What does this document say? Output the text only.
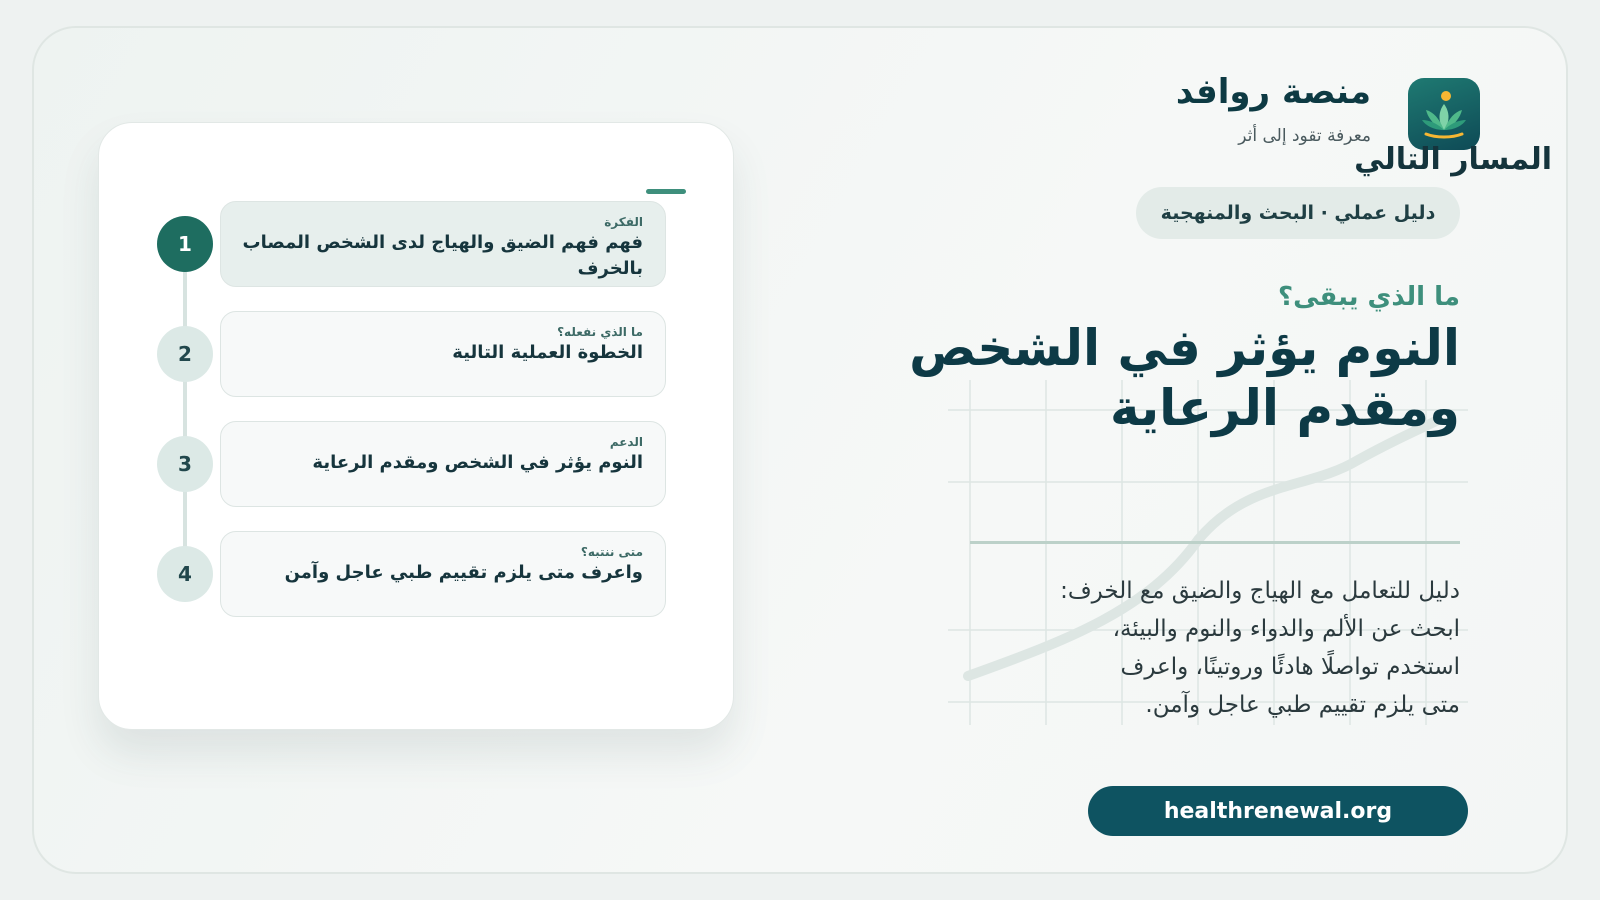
منصة روافد
معرفة تقود إلى أثر
دليل عملي · البحث والمنهجية
ما الذي يبقى؟
النوم يؤثر في الشخص ومقدم الرعاية
دليل للتعامل مع الهياج والضيق مع الخرف:
ابحث عن الألم والدواء والنوم والبيئة،
استخدم تواصلًا هادئًا وروتينًا، واعرف
متى يلزم تقييم طبي عاجل وآمن.
healthrenewal.org
المسار التالي
1
الفكرة
فهم فهم الضيق والهياج لدى الشخص المصاب بالخرف
2
ما الذي نفعله؟
الخطوة العملية التالية
3
الدعم
النوم يؤثر في الشخص ومقدم الرعاية
4
متى ننتبه؟
واعرف متى يلزم تقييم طبي عاجل وآمن
